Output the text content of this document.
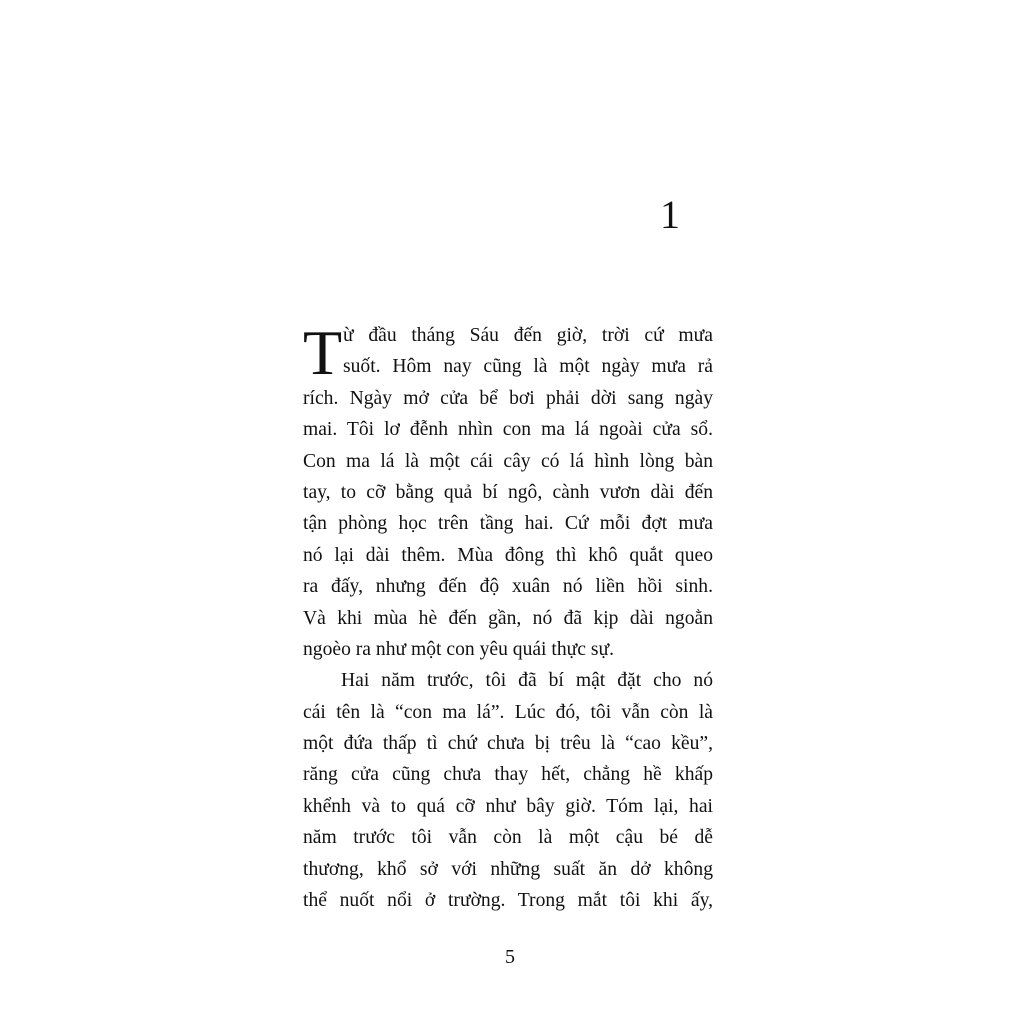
1
T ừ đầu tháng Sáu đến giờ, trời cứ mưa
suốt. Hôm nay cũng là một ngày mưa rả
rích. Ngày mở cửa bể bơi phải dời sang ngày
mai. Tôi lơ đễnh nhìn con ma lá ngoài cửa sổ.
Con ma lá là một cái cây có lá hình lòng bàn
tay, to cỡ bằng quả bí ngô, cành vươn dài đến
tận phòng học trên tầng hai. Cứ mỗi đợt mưa
nó lại dài thêm. Mùa đông thì khô quắt queo
ra đấy, nhưng đến độ xuân nó liền hồi sinh.
Và khi mùa hè đến gần, nó đã kịp dài ngoằn
ngoèo ra như một con yêu quái thực sự.
Hai năm trước, tôi đã bí mật đặt cho nó
cái tên là “con ma lá”. Lúc đó, tôi vẫn còn là
một đứa thấp tì chứ chưa bị trêu là “cao kều”,
răng cửa cũng chưa thay hết, chẳng hề khấp
khểnh và to quá cỡ như bây giờ. Tóm lại, hai
năm trước tôi vẫn còn là một cậu bé dễ
thương, khổ sở với những suất ăn dở không
thể nuốt nổi ở trường. Trong mắt tôi khi ấy,
5
